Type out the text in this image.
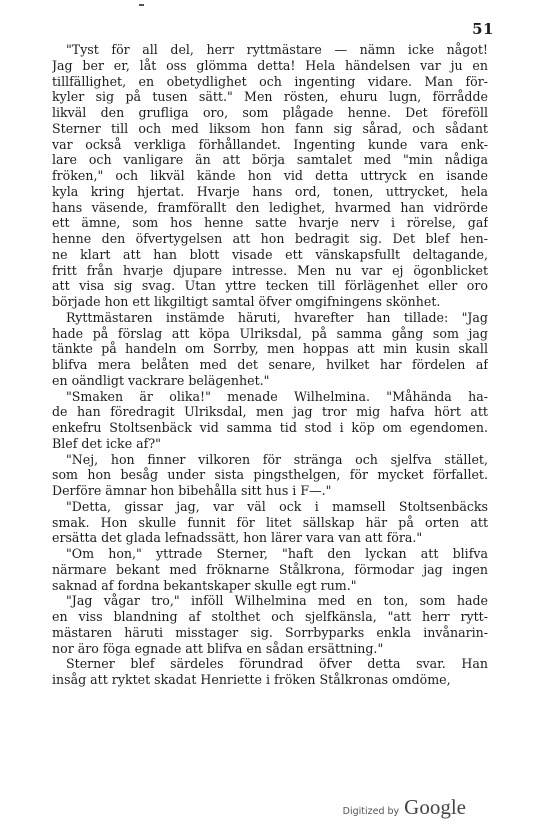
51
"Tyst för all del, herr ryttmästare — nämn icke något!
Jag ber er, låt oss glömma detta! Hela händelsen var ju en
tillfällighet, en obetydlighet och ingenting vidare. Man för-
kyler sig på tusen sätt." Men rösten, ehuru lugn, förrådde
likväl den grufliga oro, som plågade henne. Det föreföll
Sterner till och med liksom hon fann sig sårad, och sådant
var också verkliga förhållandet. Ingenting kunde vara enk-
lare och vanligare än att börja samtalet med "min nådiga
fröken," och likväl kände hon vid detta uttryck en isande
kyla kring hjertat. Hvarje hans ord, tonen, uttrycket, hela
hans väsende, framförallt den ledighet, hvarmed han vidrörde
ett ämne, som hos henne satte hvarje nerv i rörelse, gaf
henne den öfvertygelsen att hon bedragit sig. Det blef hen-
ne klart att han blott visade ett vänskapsfullt deltagande,
fritt från hvarje djupare intresse. Men nu var ej ögonblicket
att visa sig svag. Utan yttre tecken till förlägenhet eller oro
började hon ett likgiltigt samtal öfver omgifningens skönhet.
Ryttmästaren instämde häruti, hvarefter han tillade: "Jag
hade på förslag att köpa Ulriksdal, på samma gång som jag
tänkte på handeln om Sorrby, men hoppas att min kusin skall
blifva mera belåten med det senare, hvilket har fördelen af
en oändligt vackrare belägenhet."
"Smaken är olika!" menade Wilhelmina. "Måhända ha-
de han föredragit Ulriksdal, men jag tror mig hafva hört att
enkefru Stoltsenbäck vid samma tid stod i köp om egendomen.
Blef det icke af?"
"Nej, hon finner vilkoren för stränga och sjelfva stället,
som hon besåg under sista pingsthelgen, för mycket förfallet.
Derföre ämnar hon bibehålla sitt hus i F—."
"Detta, gissar jag, var väl ock i mamsell Stoltsenbäcks
smak. Hon skulle funnit för litet sällskap här på orten att
ersätta det glada lefnadssätt, hon lärer vara van att föra."
"Om hon," yttrade Sterner, "haft den lyckan att blifva
närmare bekant med fröknarne Stålkrona, förmodar jag ingen
saknad af fordna bekantskaper skulle egt rum."
"Jag vågar tro," inföll Wilhelmina med en ton, som hade
en viss blandning af stolthet och sjelfkänsla, "att herr rytt-
mästaren häruti misstager sig. Sorrbyparks enkla invånarin-
nor äro föga egnade att blifva en sådan ersättning."
Sterner blef särdeles förundrad öfver detta svar. Han
insåg att ryktet skadat Henriette i fröken Stålkronas omdöme,
Digitized by Google
